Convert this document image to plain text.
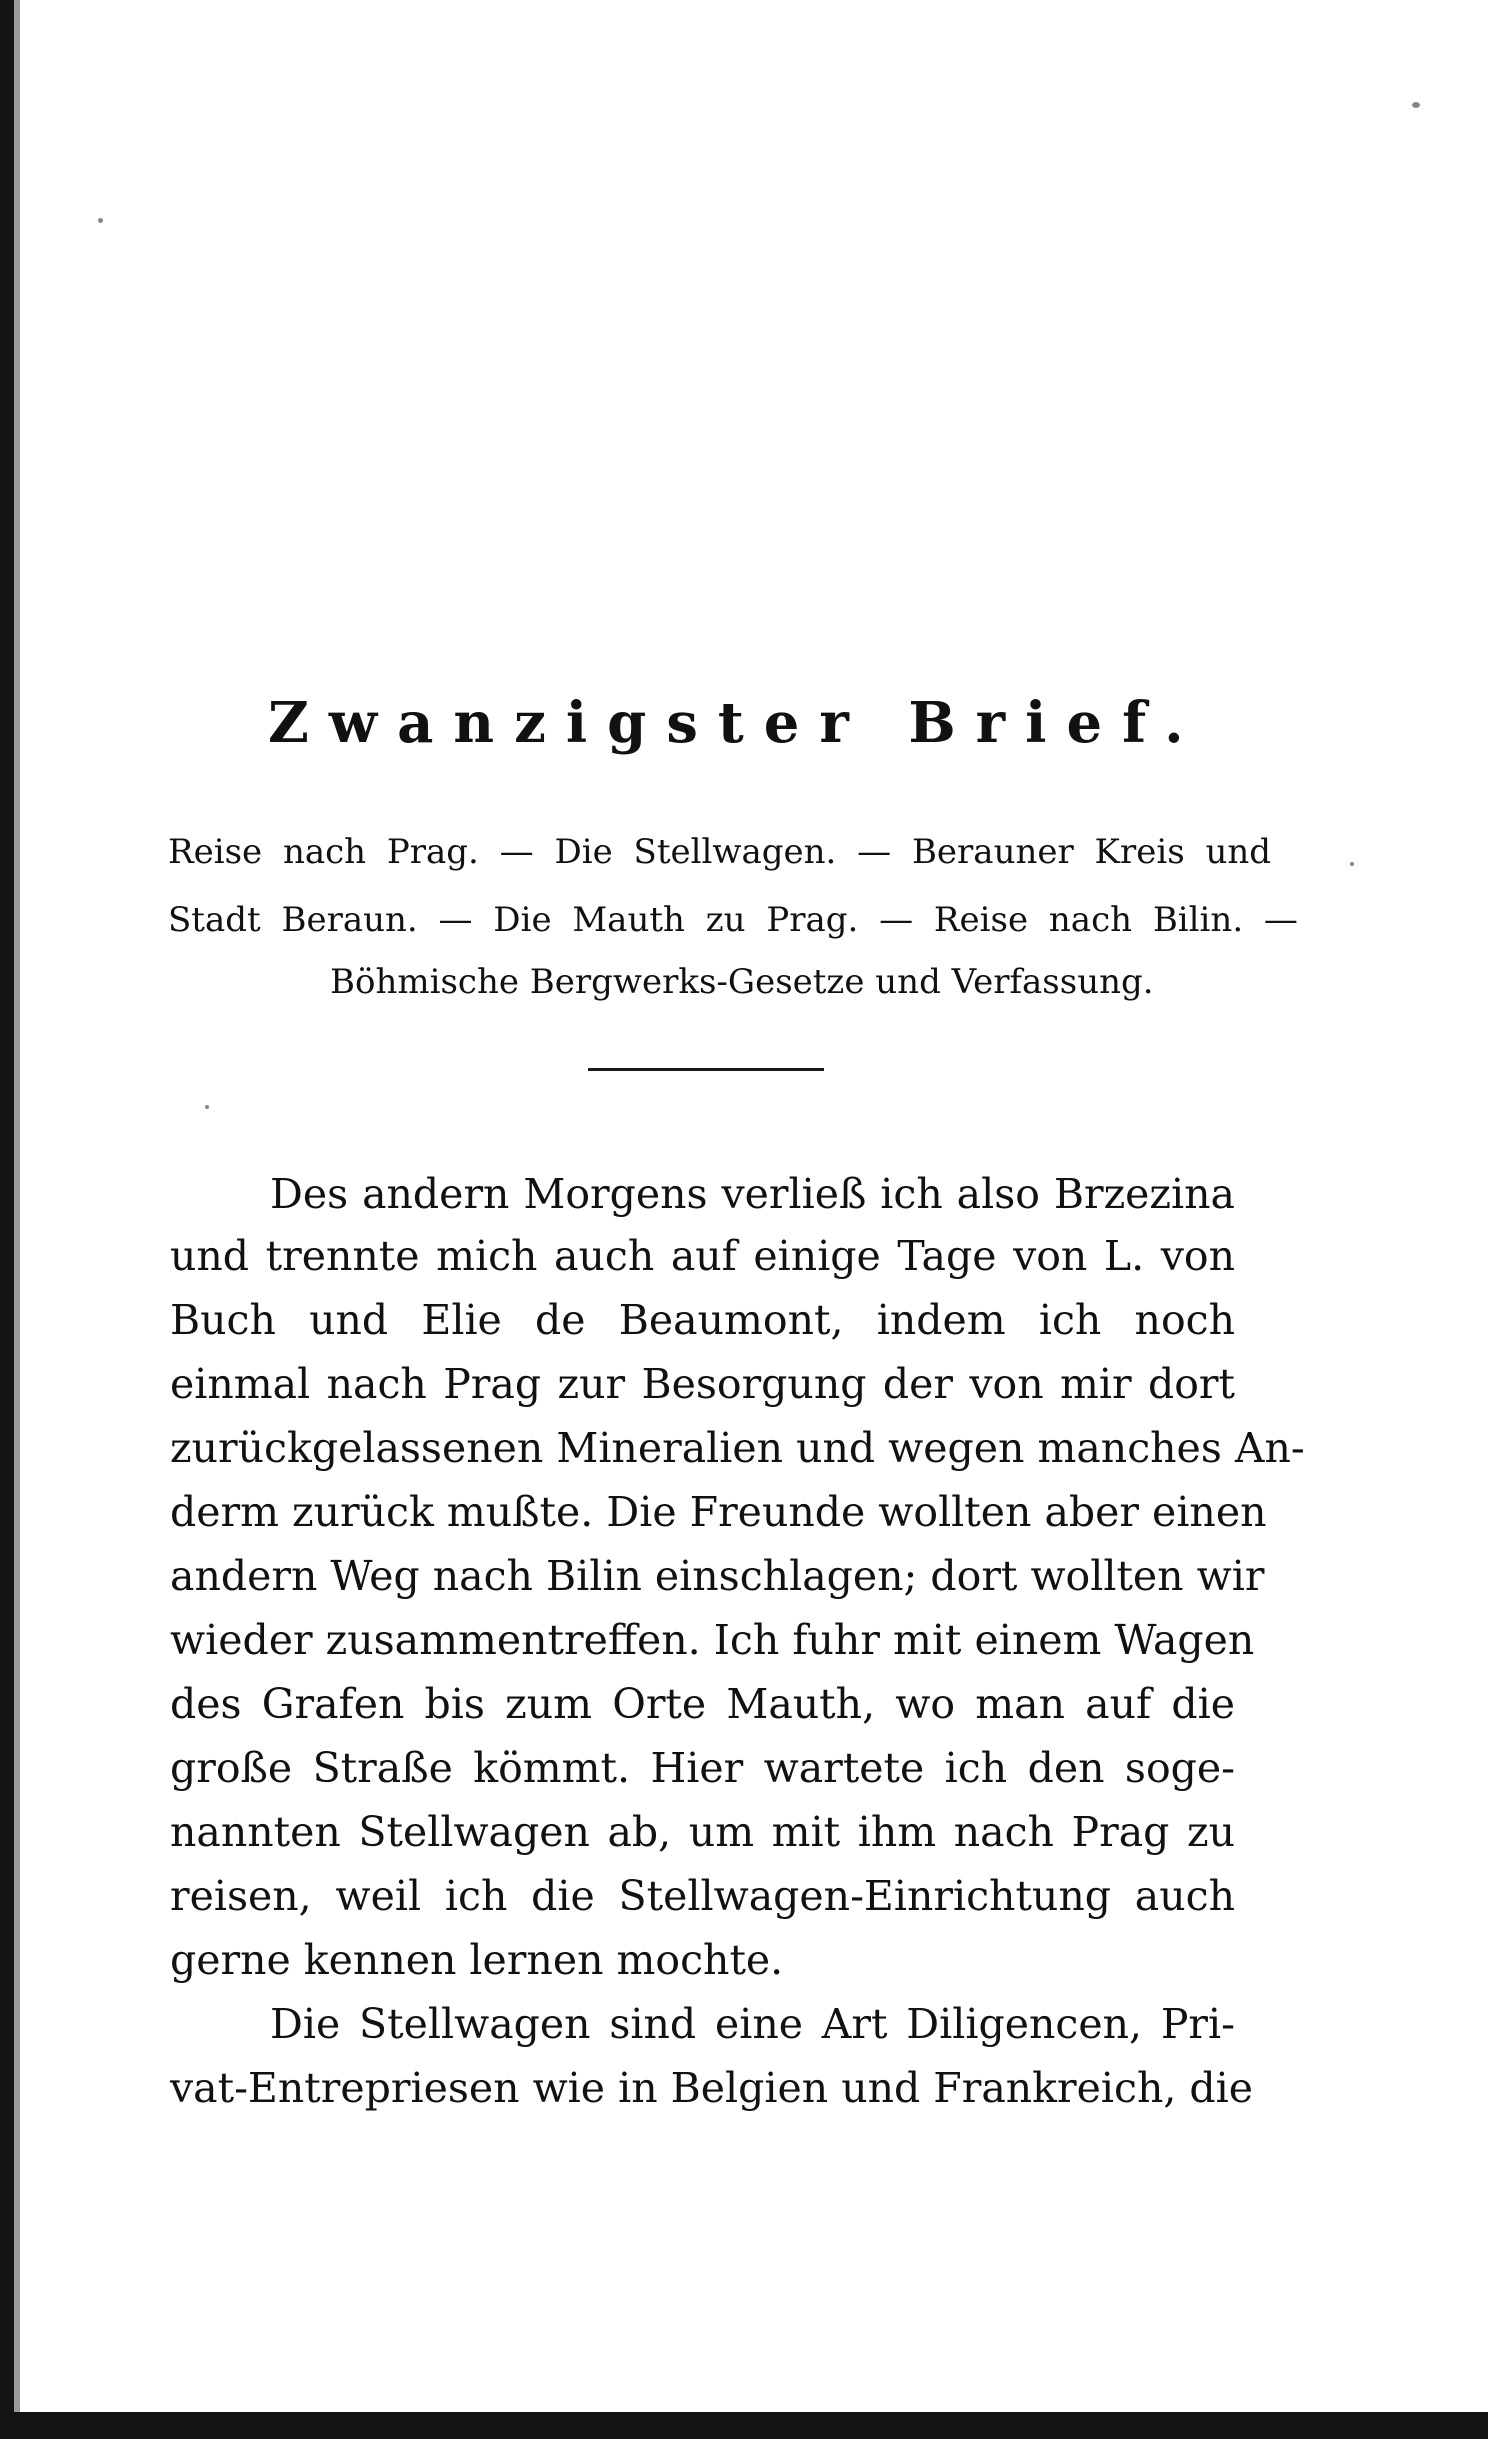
Zwanzigster Brief.
Reise nach Prag. — Die Stellwagen. — Berauner Kreis und
Stadt Beraun. — Die Mauth zu Prag. — Reise nach Bilin. —
Böhmische Bergwerks-Gesetze und Verfassung.
Des andern Morgens verließ ich also Brzezina
und trennte mich auch auf einige Tage von L. von
Buch und Elie de Beaumont, indem ich noch
einmal nach Prag zur Besorgung der von mir dort
zurückgelassenen Mineralien und wegen manches An-
derm zurück mußte. Die Freunde wollten aber einen
andern Weg nach Bilin einschlagen; dort wollten wir
wieder zusammentreffen. Ich fuhr mit einem Wagen
des Grafen bis zum Orte Mauth, wo man auf die
große Straße kömmt. Hier wartete ich den soge-
nannten Stellwagen ab, um mit ihm nach Prag zu
reisen, weil ich die Stellwagen-Einrichtung auch
gerne kennen lernen mochte.
Die Stellwagen sind eine Art Diligencen, Pri-
vat-Entrepriesen wie in Belgien und Frankreich, die
